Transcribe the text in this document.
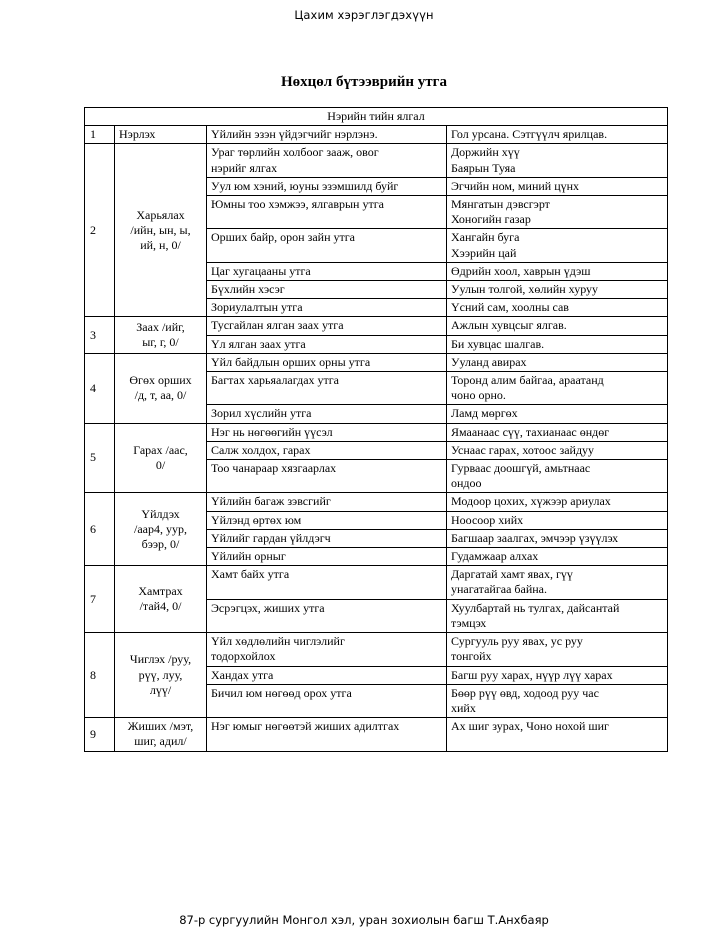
Цахим хэрэглэгдэхүүн
Нөхцөл бүтээврийн утга
Нэрийн тийн ялгал			
1	Нэрлэх	Үйлийн эзэн үйдэгчийг нэрлэнэ.	Гол урсана. Сэтгүүлч ярилцав.
2	Харьялах
/ийн, ын, ы,
ий, н, 0/	Ураг төрлийн холбоог зааж, овог
нэрийг ялгах	Доржийн хүү
Баярын Туяа
		Уул юм хэний, юуны эзэмшилд буйг	Эгчийн ном, миний цүнх
		Юмны тоо хэмжээ, ялгаврын утга	Мянгатын дэвсгэрт
Хоногийн газар
		Орших байр, орон зайн утга	Хангайн буга
Хээрийн цай
		Цаг хугацааны утга	Өдрийн хоол, хаврын үдэш
		Бүхлийн хэсэг	Уулын толгой, хөлийн хуруу
		Зориулалтын утга	Үсний сам, хоолны сав
3	Заах /ийг,
ыг, г, 0/	Тусгайлан ялган заах утга	Ажлын хувцсыг ялгав.
		Үл ялган заах утга	Би хувцас шалгав.
4	Өгөх орших
/д, т, аа, 0/	Үйл байдлын орших орны утга	Ууланд авирах
		Багтах харьяалагдах утга	Торонд алим байгаа, араатанд
чоно орно.
		Зорил хүслийн утга	Ламд мөргөх
5	Гарах /аас,
0/	Нэг нь нөгөөгийн үүсэл	Ямаанаас сүү, тахианаас өндөг
		Салж холдох, гарах	Уснаас гарах, хотоос зайдуу
		Тоо чанараар хязгаарлах	Гурваас доошгүй, амьтнаас
ондоо
6	Үйлдэх
/аар4, уур,
бээр, 0/	Үйлийн багаж зэвсгийг	Модоор цохих, хүжээр ариулах
		Үйлэнд өртөх юм	Ноосоор хийх
		Үйлийг гардан үйлдэгч	Багшаар заалгах, эмчээр үзүүлэх
		Үйлийн орныг	Гудамжаар алхах
7	Хамтрах
/тай4, 0/	Хамт байх утга	Даргатай хамт явах, гүү
унагатайгаа байна.
		Эсрэгцэх, жиших утга	Хуулбартай нь тулгах, дайсантай
тэмцэх
8	Чиглэх /руу,
рүү, луу,
лүү/	Үйл хөдлөлийн чиглэлийг
тодорхойлох	Сургууль руу явах, ус руу
тонгойх
		Хандах утга	Багш руу харах, нүүр лүү харах
		Бичил юм нөгөөд орох утга	Бөөр рүү өвд, ходоод руу час
хийх
9	Жиших /мэт,
шиг, адил/	Нэг юмыг нөгөөтэй жиших адилтгах	Ах шиг зурах, Чоно нохой шиг

87-р сургуулийн Монгол хэл, уран зохиолын багш Т.Анхбаяр
